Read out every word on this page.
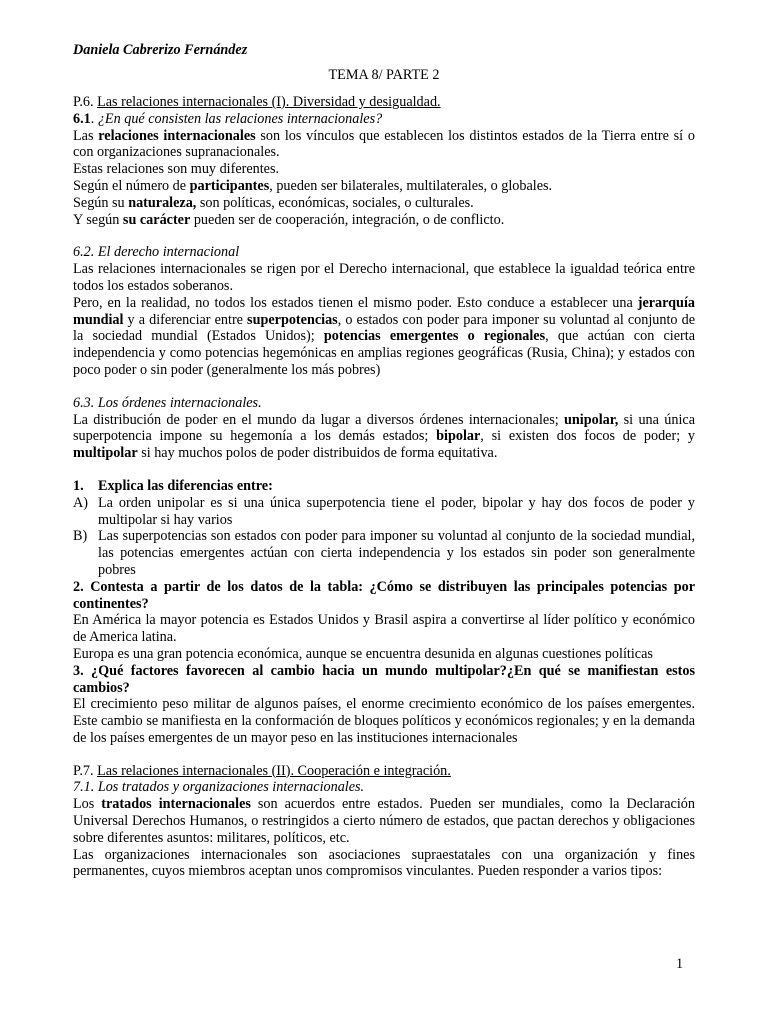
Daniela Cabrerizo Fernández

TEMA 8/ PARTE 2

P.6. Las relaciones internacionales (I). Diversidad y desigualdad.

6.1. ¿En qué consisten las relaciones internacionales?

Las relaciones internacionales son los vínculos que establecen los distintos estados de la Tierra entre sí o con organizaciones supranacionales.

Estas relaciones son muy diferentes.

Según el número de participantes, pueden ser bilaterales, multilaterales, o globales.

Según su naturaleza, son políticas, económicas, sociales, o culturales.

Y según su carácter pueden ser de cooperación, integración, o de conflicto.

6.2. El derecho internacional

Las relaciones internacionales se rigen por el Derecho internacional, que establece la igualdad teórica entre todos los estados soberanos.

Pero, en la realidad, no todos los estados tienen el mismo poder. Esto conduce a establecer una jerarquía mundial y a diferenciar entre superpotencias, o estados con poder para imponer su voluntad al conjunto de la sociedad mundial (Estados Unidos); potencias emergentes o regionales, que actúan con cierta independencia y como potencias hegemónicas en amplias regiones geográficas (Rusia, China); y estados con poco poder o sin poder (generalmente los más pobres)

6.3. Los órdenes internacionales.

La distribución de poder en el mundo da lugar a diversos órdenes internacionales; unipolar, si una única superpotencia impone su hegemonía a los demás estados; bipolar, si existen dos focos de poder; y multipolar si hay muchos polos de poder distribuidos de forma equitativa.

1.	Explica las diferencias entre:
A) La orden unipolar es si una única superpotencia tiene el poder, bipolar y hay dos focos de poder y multipolar si hay varios
B) Las superpotencias son estados con poder para imponer su voluntad al conjunto de la sociedad mundial, las potencias emergentes actúan con cierta independencia y los estados sin poder son generalmente pobres

2. Contesta a partir de los datos de la tabla: ¿Cómo se distribuyen las principales potencias por continentes?

En América la mayor potencia es Estados Unidos y Brasil aspira a convertirse al líder político y económico de America latina.

Europa es una gran potencia económica, aunque se encuentra desunida en algunas cuestiones políticas

3. ¿Qué factores favorecen al cambio hacia un mundo multipolar?¿En qué se manifiestan estos cambios?

El crecimiento peso militar de algunos países, el enorme crecimiento económico de los países emergentes. Este cambio se manifiesta en la conformación de bloques políticos y económicos regionales; y en la demanda de los países emergentes de un mayor peso en las instituciones internacionales

P.7. Las relaciones internacionales (II). Cooperación e integración.

7.1. Los tratados y organizaciones internacionales.

Los tratados internacionales son acuerdos entre estados. Pueden ser mundiales, como la Declaración Universal Derechos Humanos, o restringidos a cierto número de estados, que pactan derechos y obligaciones sobre diferentes asuntos: militares, políticos, etc.

Las organizaciones internacionales son asociaciones supraestatales con una organización y fines permanentes, cuyos miembros aceptan unos compromisos vinculantes. Pueden responder a varios tipos:

1
